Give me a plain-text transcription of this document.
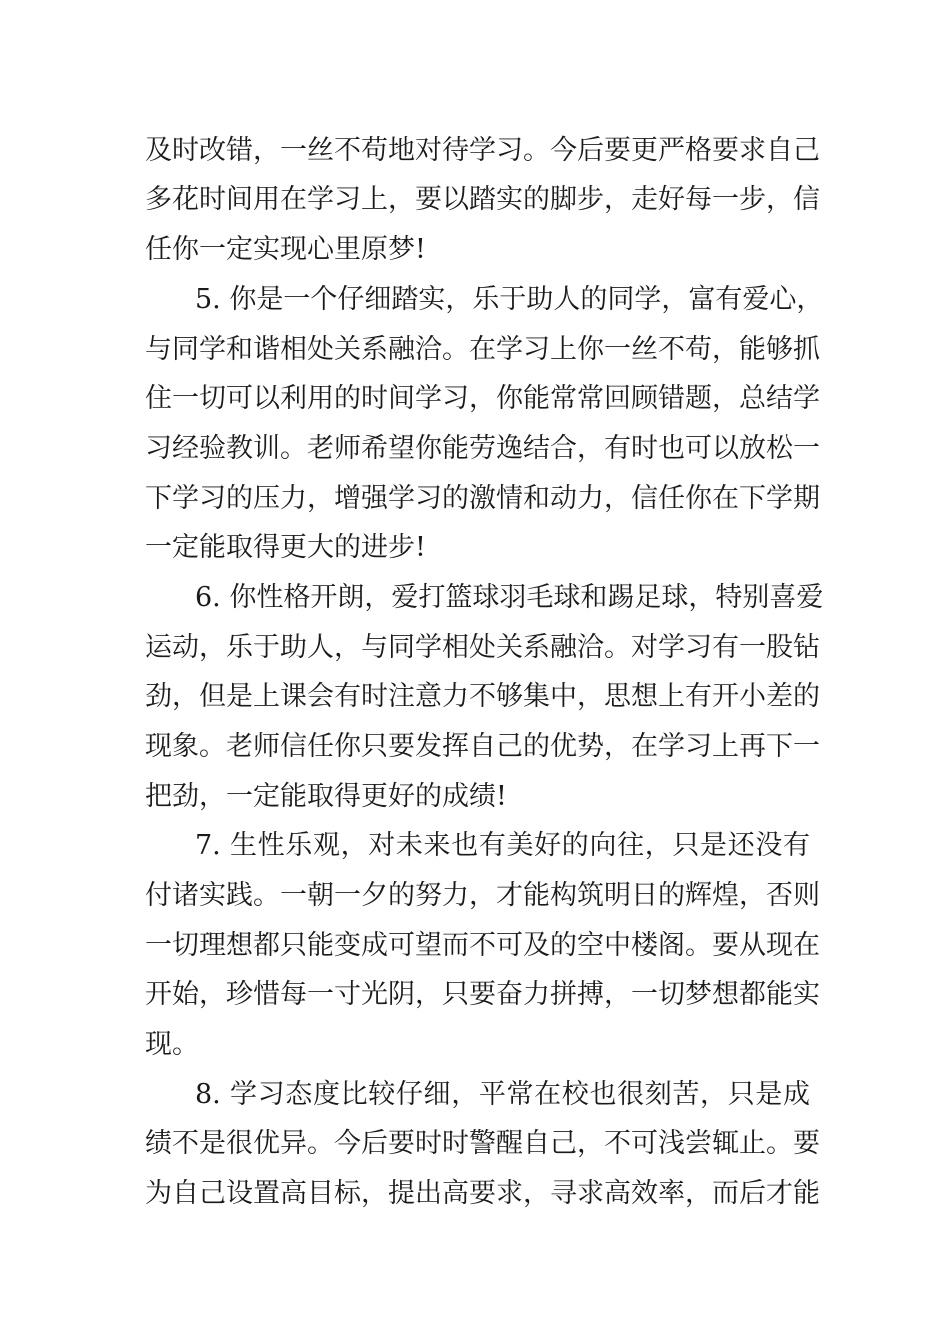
及时改错，一丝不苟地对待学习。今后要更严格要求自己
多花时间用在学习上，要以踏实的脚步，走好每一步，信
任你一定实现心里原梦!
5. 你是一个仔细踏实，乐于助人的同学，富有爱心，
与同学和谐相处关系融洽。在学习上你一丝不苟，能够抓
住一切可以利用的时间学习，你能常常回顾错题，总结学
习经验教训。老师希望你能劳逸结合，有时也可以放松一
下学习的压力，增强学习的激情和动力，信任你在下学期
一定能取得更大的进步!
6. 你性格开朗，爱打篮球羽毛球和踢足球，特别喜爱
运动，乐于助人，与同学相处关系融洽。对学习有一股钻
劲，但是上课会有时注意力不够集中，思想上有开小差的
现象。老师信任你只要发挥自己的优势，在学习上再下一
把劲，一定能取得更好的成绩!
7. 生性乐观，对未来也有美好的向往，只是还没有
付诸实践。一朝一夕的努力，才能构筑明日的辉煌，否则
一切理想都只能变成可望而不可及的空中楼阁。要从现在
开始，珍惜每一寸光阴，只要奋力拼搏，一切梦想都能实
现。
8. 学习态度比较仔细，平常在校也很刻苦，只是成
绩不是很优异。今后要时时警醒自己，不可浅尝辄止。要
为自己设置高目标，提出高要求，寻求高效率，而后才能
